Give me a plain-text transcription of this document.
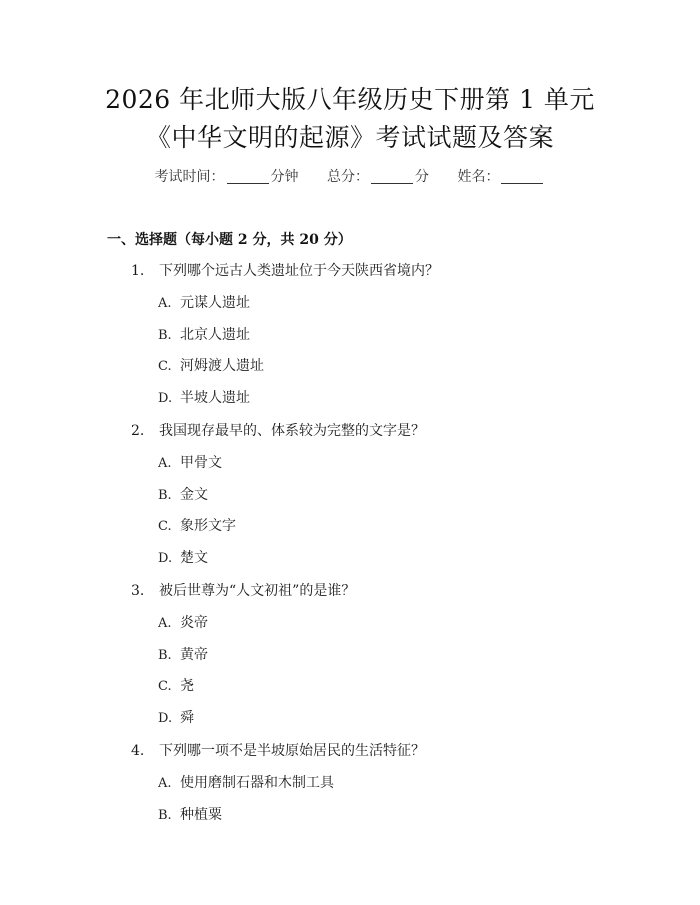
2026 年北师大版八年级历史下册第 1 单元
《中华文明的起源》考试试题及答案
考试时间：	分钟 总分：	分 姓名：
一、选择题（每小题 2 分，共 20 分）
1. 下列哪个远古人类遗址位于今天陕西省境内？
A. 元谋人遗址
B. 北京人遗址
C. 河姆渡人遗址
D. 半坡人遗址
2. 我国现存最早的、体系较为完整的文字是？
A. 甲骨文
B. 金文
C. 象形文字
D. 楚文
3. 被后世尊为“人文初祖”的是谁？
A. 炎帝
B. 黄帝
C. 尧
D. 舜
4. 下列哪一项不是半坡原始居民的生活特征？
A. 使用磨制石器和木制工具
B. 种植粟
